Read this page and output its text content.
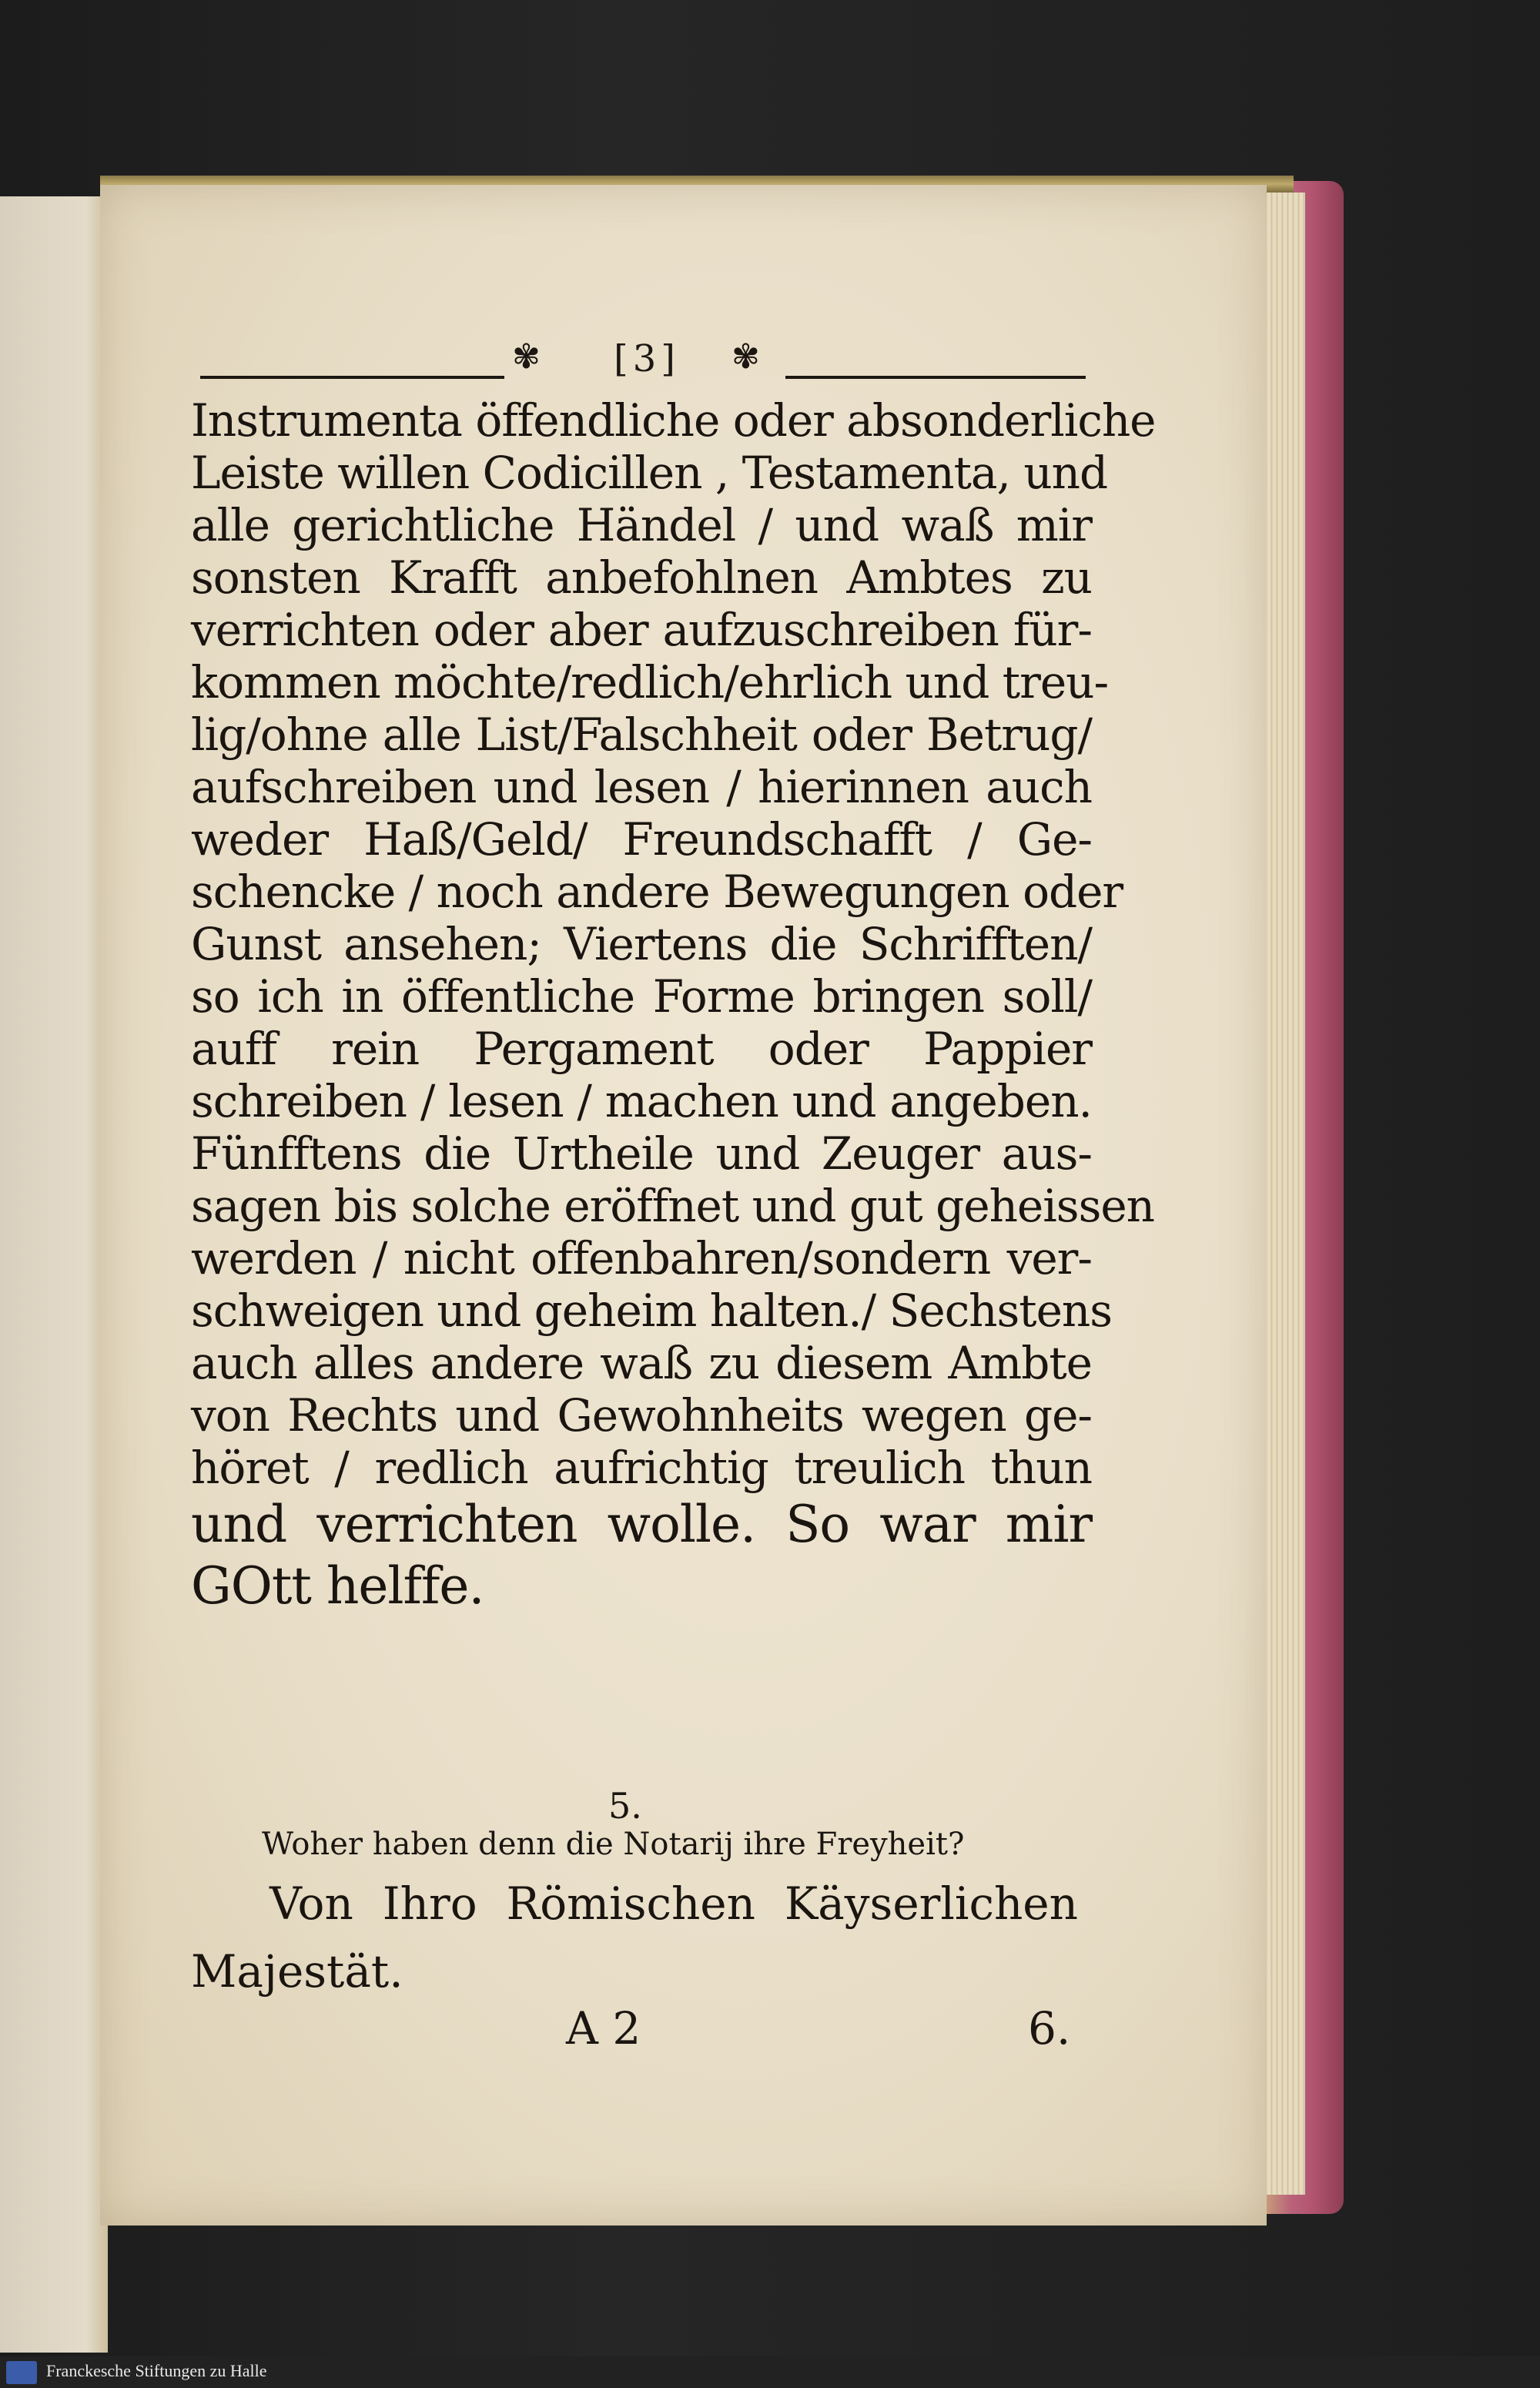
✾	[3]	✾
Instrumenta öffendliche oder absonderliche
Leiste willen Codicillen , Testamenta, und
alle gerichtliche Händel / und waß mir
sonsten Krafft anbefohlnen Ambtes zu
verrichten oder aber aufzuschreiben für-
kommen möchte/redlich/ehrlich und treu-
lig/ohne alle List/Falschheit oder Betrug/
aufschreiben und lesen / hierinnen auch
weder Haß/Geld/ Freundschafft / Ge-
schencke / noch andere Bewegungen oder
Gunst ansehen; Viertens die Schrifften/
so ich in öffentliche Forme bringen soll/
auff rein Pergament oder Pappier
schreiben / lesen / machen und angeben.
Fünfftens die Urtheile und Zeuger aus-
sagen bis solche eröffnet und gut geheissen
werden / nicht offenbahren/sondern ver-
schweigen und geheim halten./ Sechstens
auch alles andere waß zu diesem Ambte
von Rechts und Gewohnheits wegen ge-
höret / redlich aufrichtig treulich thun
und verrichten wolle. So war mir
GOtt helffe.
5.
Woher haben denn die Notarij ihre Freyheit?
Von Ihro Römischen Käyserlichen
Majestät.
A 2	6.
Franckesche Stiftungen zu Halle
